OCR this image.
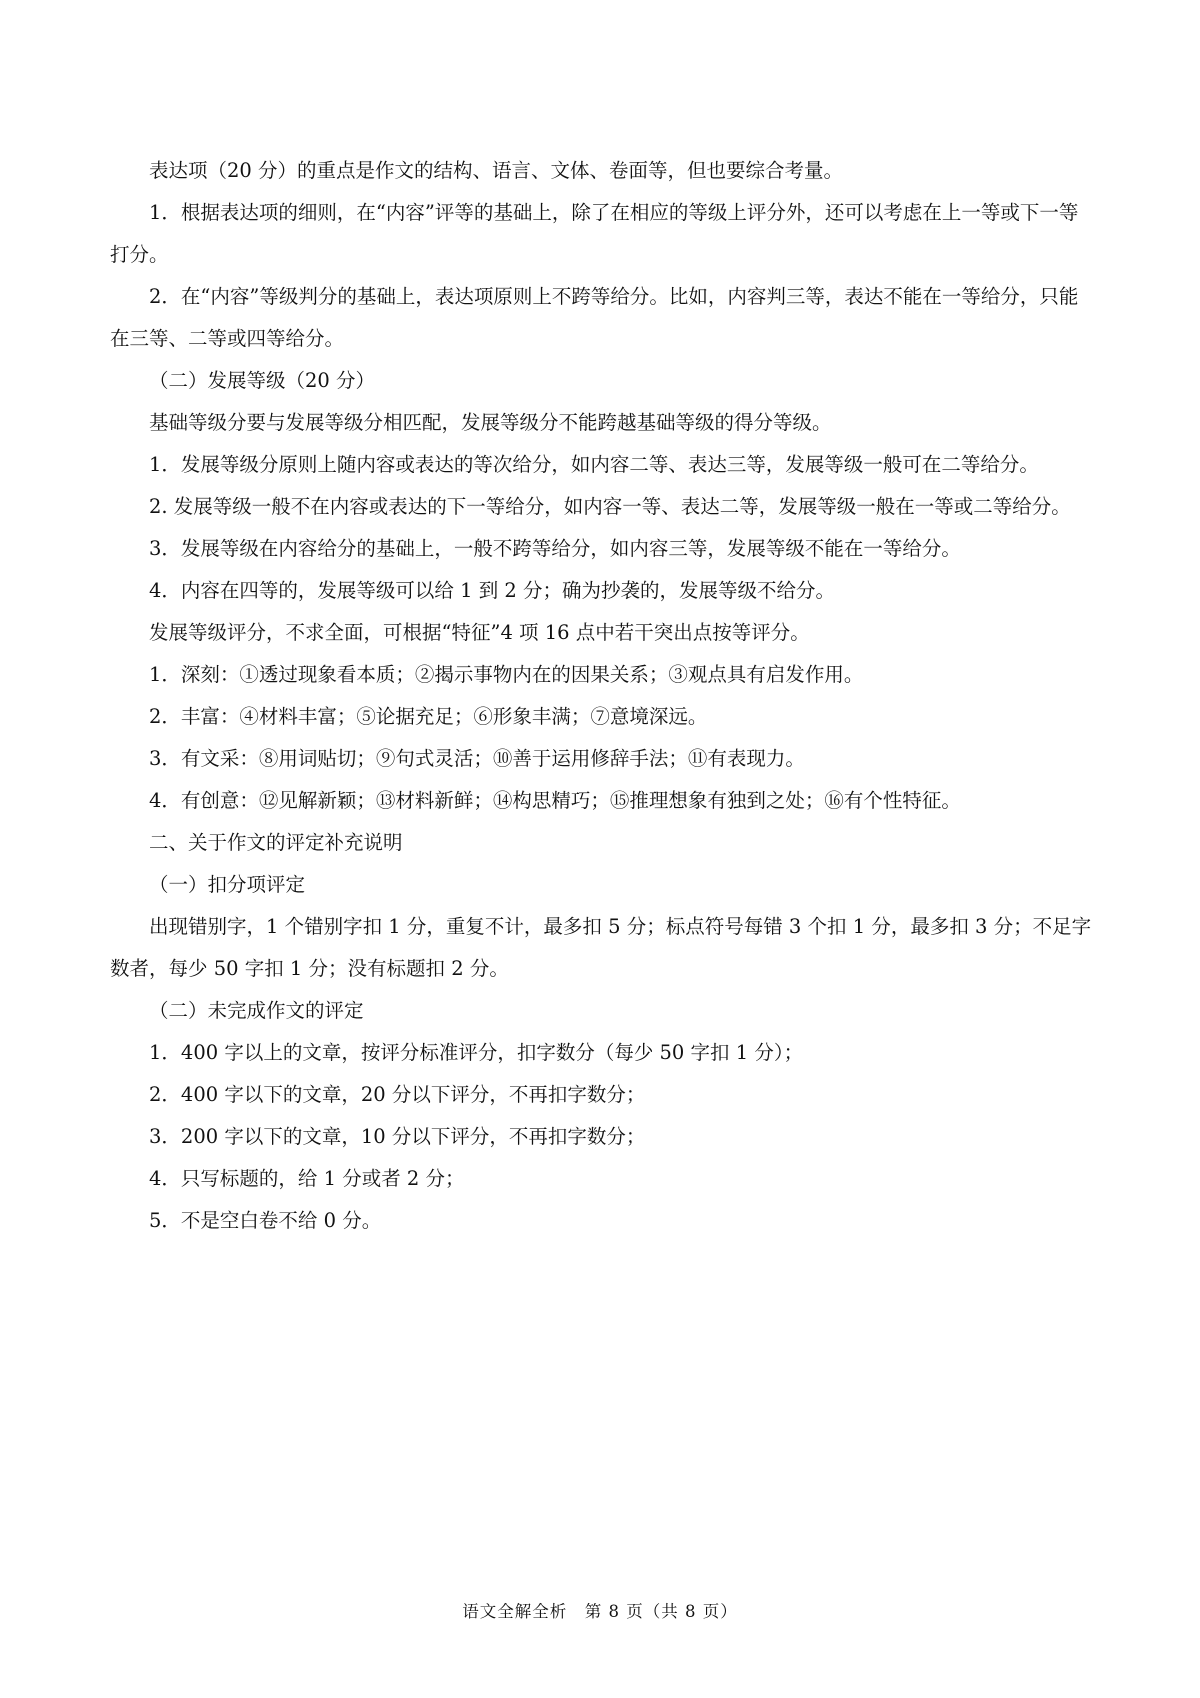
表达项（20 分）的重点是作文的结构、语言、文体、卷面等，但也要综合考量。

1．根据表达项的细则，在“内容”评等的基础上，除了在相应的等级上评分外，还可以考虑在上一等或下一等打分。

2．在“内容”等级判分的基础上，表达项原则上不跨等给分。比如，内容判三等，表达不能在一等给分，只能在三等、二等或四等给分。

（二）发展等级（20 分）

基础等级分要与发展等级分相匹配，发展等级分不能跨越基础等级的得分等级。

1．发展等级分原则上随内容或表达的等次给分，如内容二等、表达三等，发展等级一般可在二等给分。

2. 发展等级一般不在内容或表达的下一等给分，如内容一等、表达二等，发展等级一般在一等或二等给分。

3．发展等级在内容给分的基础上，一般不跨等给分，如内容三等，发展等级不能在一等给分。

4．内容在四等的，发展等级可以给 1 到 2 分；确为抄袭的，发展等级不给分。

发展等级评分，不求全面，可根据“特征”4 项 16 点中若干突出点按等评分。

1．深刻：①透过现象看本质；②揭示事物内在的因果关系；③观点具有启发作用。

2．丰富：④材料丰富；⑤论据充足；⑥形象丰满；⑦意境深远。

3．有文采：⑧用词贴切；⑨句式灵活；⑩善于运用修辞手法；⑪有表现力。

4．有创意：⑫见解新颖；⑬材料新鲜；⑭构思精巧；⑮推理想象有独到之处；⑯有个性特征。

二、关于作文的评定补充说明

（一）扣分项评定

出现错别字，1 个错别字扣 1 分，重复不计，最多扣 5 分；标点符号每错 3 个扣 1 分，最多扣 3 分；不足字数者，每少 50 字扣 1 分；没有标题扣 2 分。

（二）未完成作文的评定

1．400 字以上的文章，按评分标准评分，扣字数分（每少 50 字扣 1 分）；

2．400 字以下的文章，20 分以下评分，不再扣字数分；

3．200 字以下的文章，10 分以下评分，不再扣字数分；

4．只写标题的，给 1 分或者 2 分；

5．不是空白卷不给 0 分。

语文全解全析　第 8 页（共 8 页）
